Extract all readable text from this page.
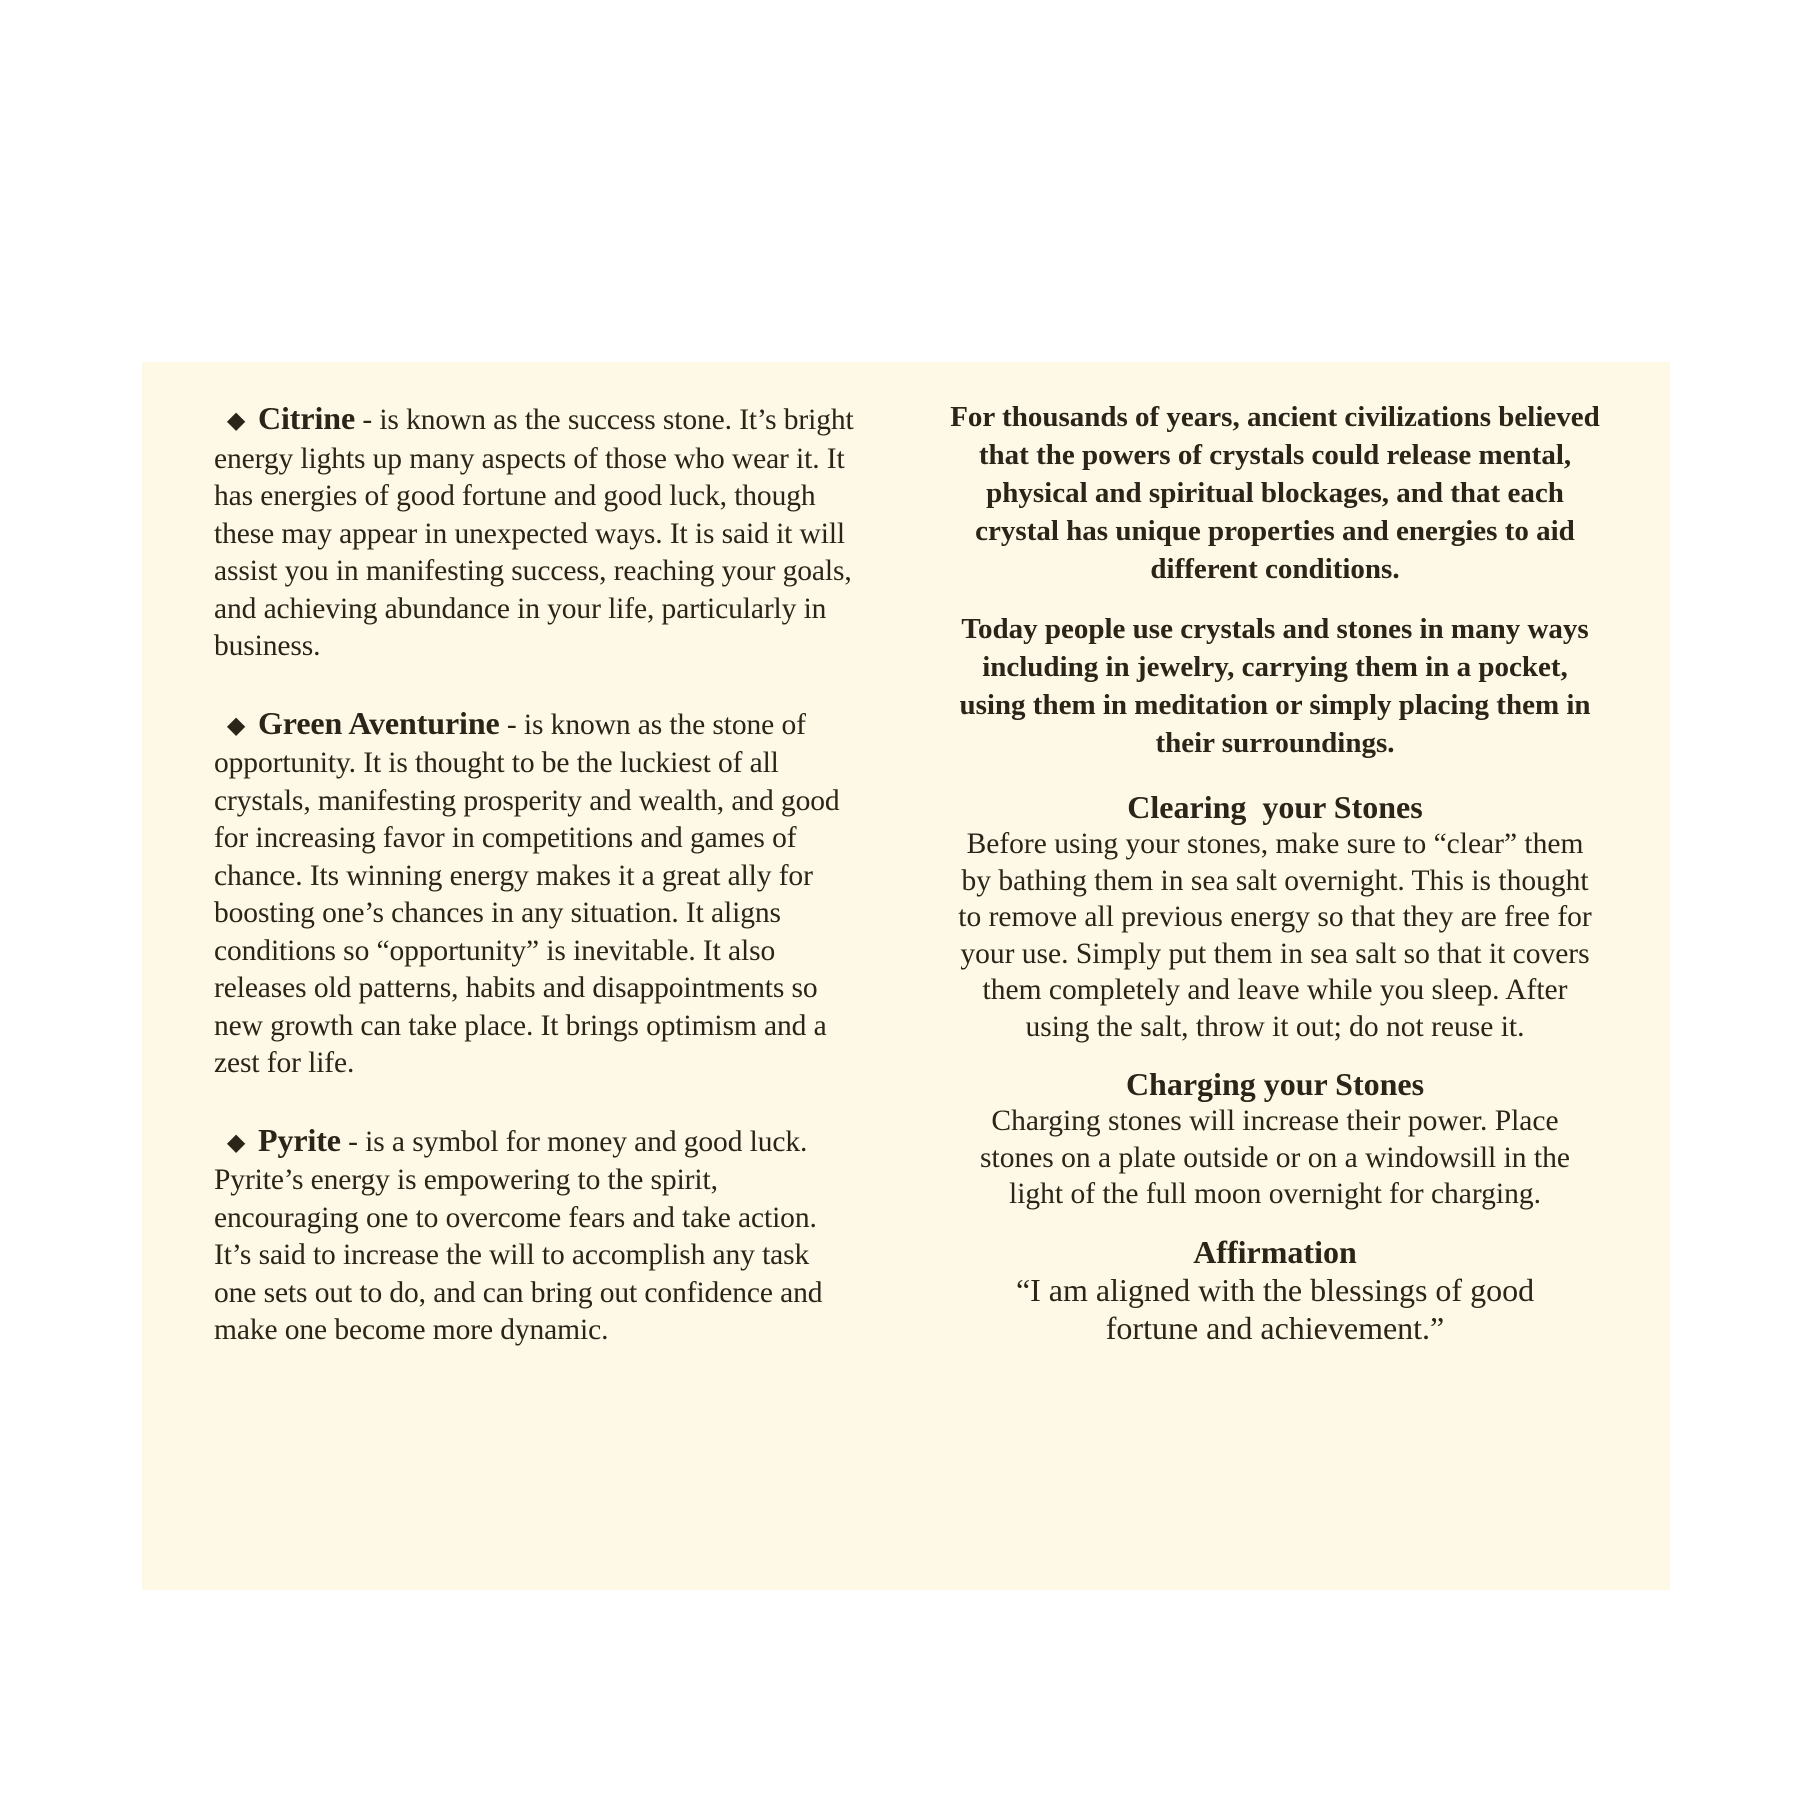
◆ Citrine - is known as the success stone. It’s bright energy lights up many aspects of those who wear it. It has energies of good fortune and good luck, though these may appear in unexpected ways. It is said it will assist you in manifesting success, reaching your goals, and achieving abundance in your life, particularly in business.

◆ Green Aventurine - is known as the stone of opportunity. It is thought to be the luckiest of all crystals, manifesting prosperity and wealth, and good for increasing favor in competitions and games of chance. Its winning energy makes it a great ally for boosting one’s chances in any situation. It aligns conditions so “opportunity” is inevitable. It also releases old patterns, habits and disappointments so new growth can take place. It brings optimism and a zest for life.

◆ Pyrite - is a symbol for money and good luck. Pyrite’s energy is empowering to the spirit, encouraging one to overcome fears and take action. It’s said to increase the will to accomplish any task one sets out to do, and can bring out confidence and make one become more dynamic.

For thousands of years, ancient civilizations believed that the powers of crystals could release mental, physical and spiritual blockages, and that each crystal has unique properties and energies to aid different conditions.

Today people use crystals and stones in many ways including in jewelry, carrying them in a pocket, using them in meditation or simply placing them in their surroundings.

Clearing  your Stones

Before using your stones, make sure to “clear” them by bathing them in sea salt overnight. This is thought to remove all previous energy so that they are free for your use. Simply put them in sea salt so that it covers them completely and leave while you sleep. After using the salt, throw it out; do not reuse it.

Charging your Stones

Charging stones will increase their power. Place stones on a plate outside or on a windowsill in the light of the full moon overnight for charging.

Affirmation

“I am aligned with the blessings of good fortune and achievement.”
